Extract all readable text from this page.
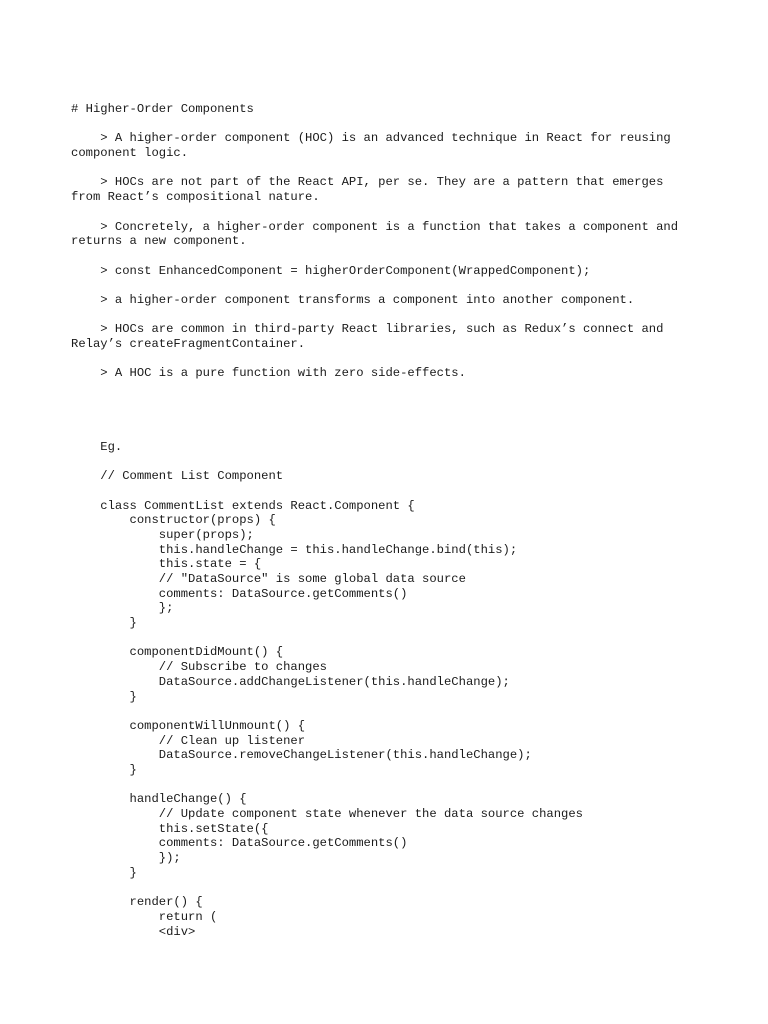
# Higher-Order Components
> A higher-order component (HOC) is an advanced technique in React for reusing
component logic.
> HOCs are not part of the React API, per se. They are a pattern that emerges
from React’s compositional nature.
> Concretely, a higher-order component is a function that takes a component and
returns a new component.
> const EnhancedComponent = higherOrderComponent(WrappedComponent);
> a higher-order component transforms a component into another component.
> HOCs are common in third-party React libraries, such as Redux’s connect and
Relay’s createFragmentContainer.
> A HOC is a pure function with zero side-effects.
Eg.
// Comment List Component
class CommentList extends React.Component {
constructor(props) {
super(props);
this.handleChange = this.handleChange.bind(this);
this.state = {
// "DataSource" is some global data source
comments: DataSource.getComments()
};
}
componentDidMount() {
// Subscribe to changes
DataSource.addChangeListener(this.handleChange);
}
componentWillUnmount() {
// Clean up listener
DataSource.removeChangeListener(this.handleChange);
}
handleChange() {
// Update component state whenever the data source changes
this.setState({
comments: DataSource.getComments()
});
}
render() {
return (
<div>
